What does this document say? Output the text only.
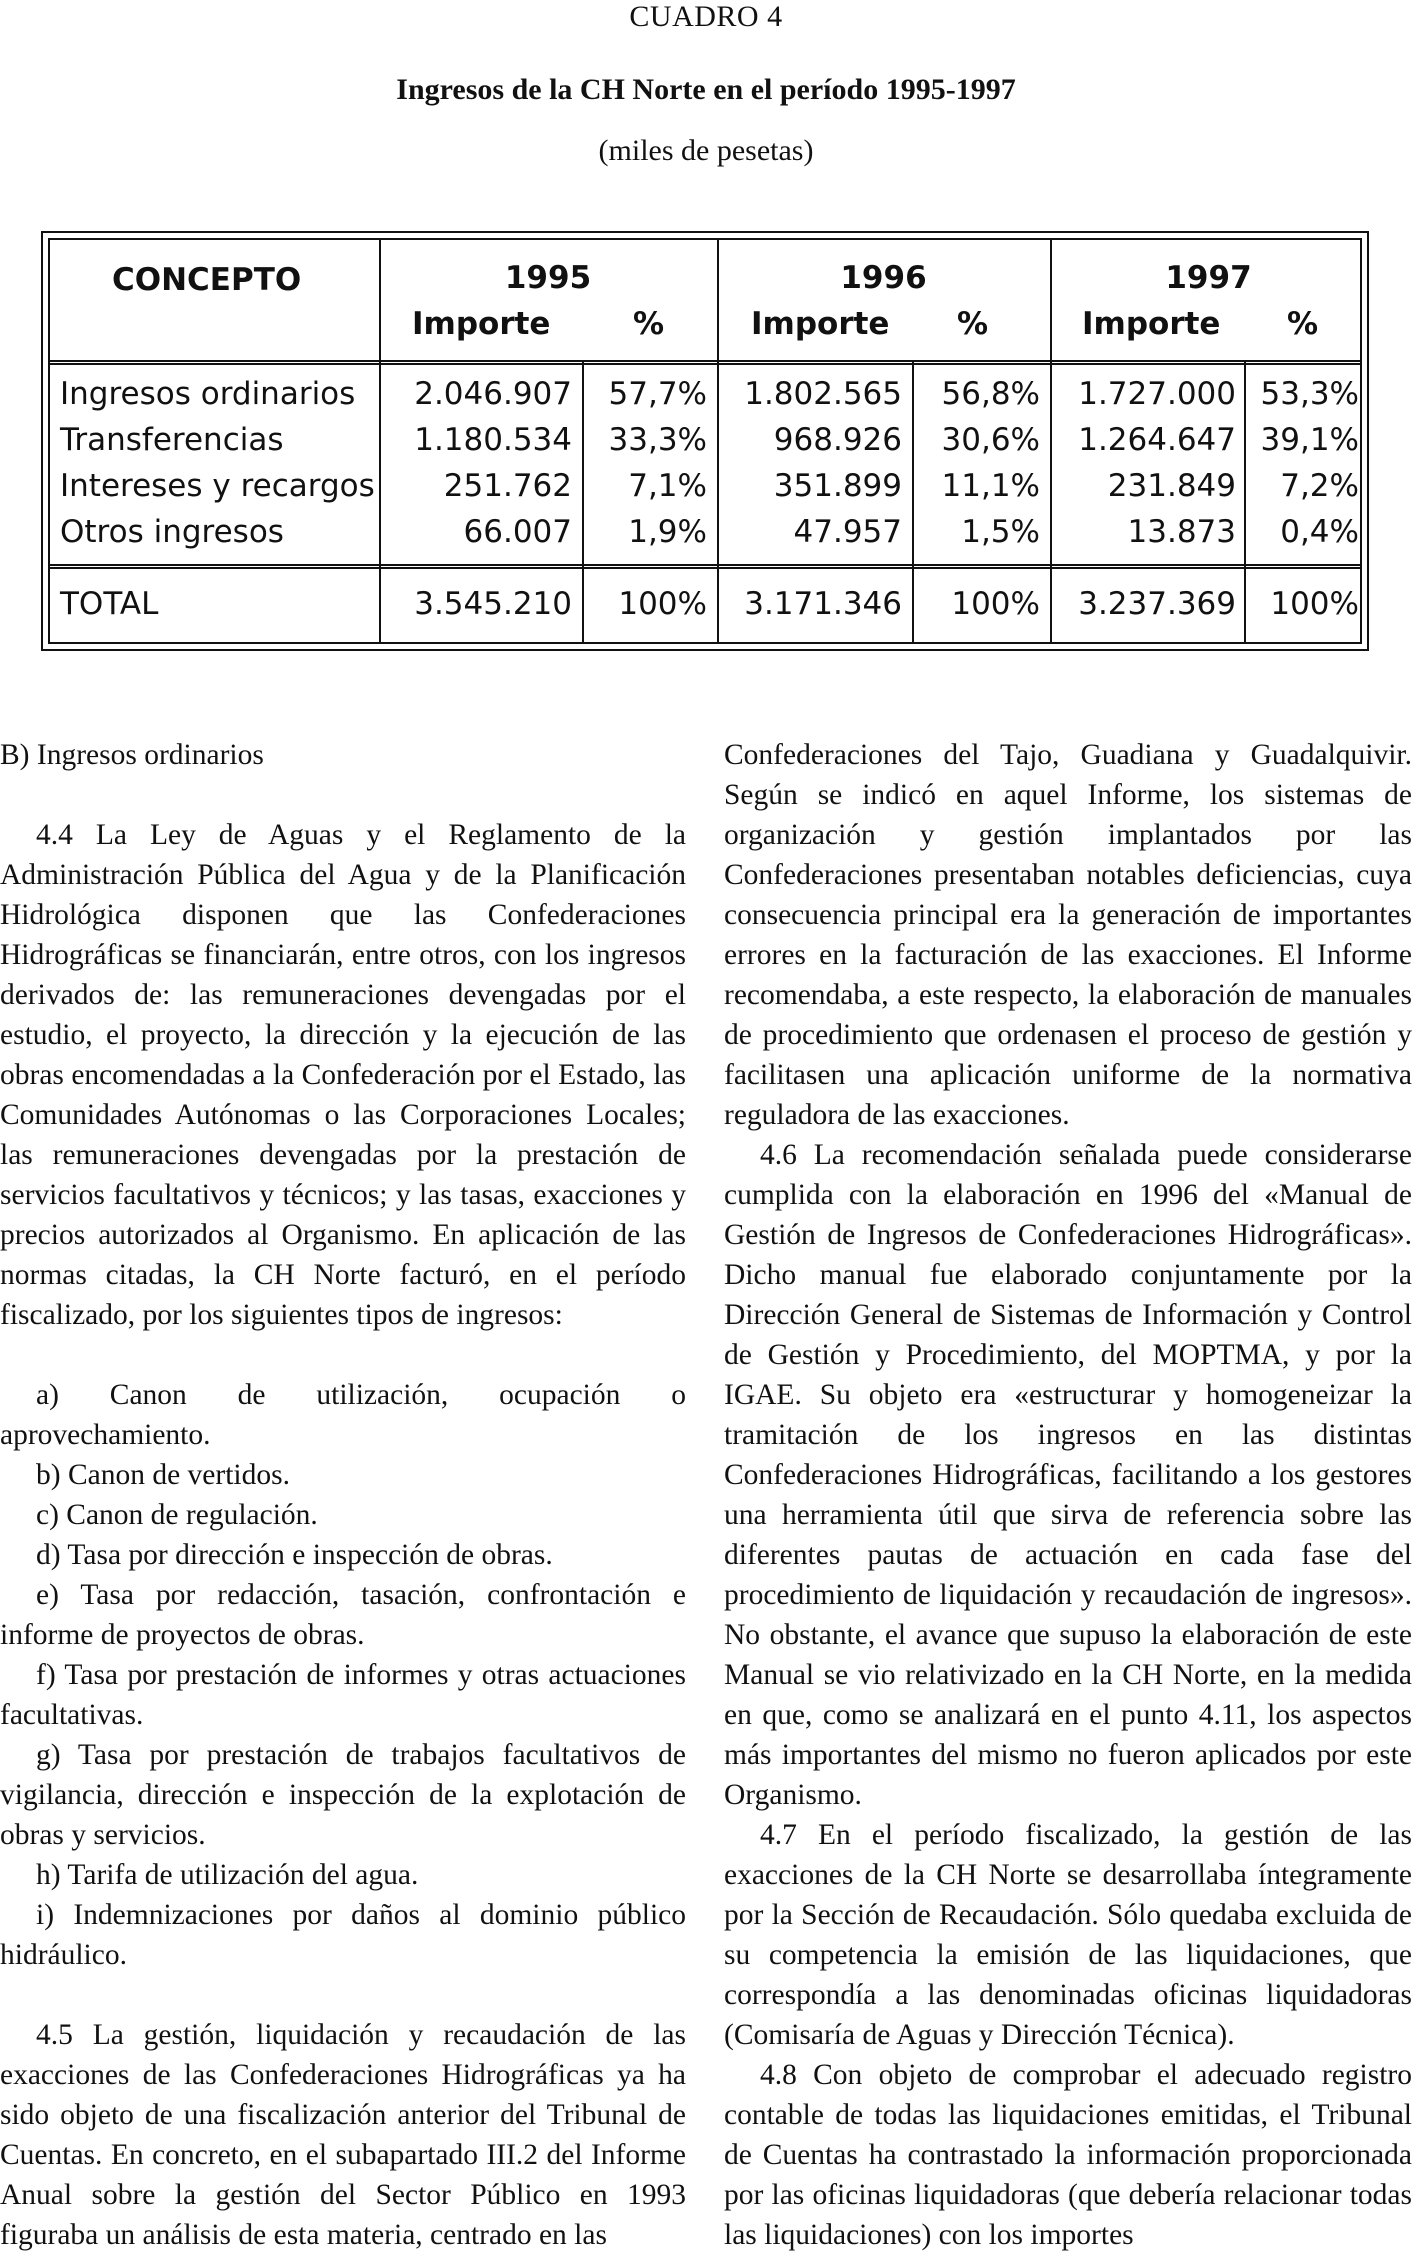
CUADRO 4
Ingresos de la CH Norte en el período 1995-1997
(miles de pesetas)
CONCEPTO	1995	1996	1997
Importe	%	Importe %	Importe %
Ingresos ordinarios	2.046.907	57,7%	1.802.565	56,8%	1.727.000 53,3%
Transferencias	1.180.534	33,3%	968.926	30,6%	1.264.647 39,1%
Intereses y recargos	251.762	7,1%	351.899	11,1%	231.849	7,2%
Otros ingresos	66.007	1,9%	47.957	1,5%	13.873	0,4%
TOTAL	3.545.210	100%	3.171.346	100%	3.237.369	100%

B) Ingresos ordinarios

4.4 La Ley de Aguas y el Reglamento de la Administración Pública del Agua y de la Planificación Hidrológica disponen que las Confederaciones Hidrográficas se financiarán, entre otros, con los ingresos derivados de: las remuneraciones devengadas por el estudio, el proyecto, la dirección y la ejecución de las obras encomendadas a la Confederación por el Estado, las Comunidades Autónomas o las Corporaciones Locales; las remuneraciones devengadas por la prestación de servicios facultativos y técnicos; y las tasas, exacciones y precios autorizados al Organismo. En aplicación de las normas citadas, la CH Norte facturó, en el período fiscalizado, por los siguientes tipos de ingresos:

a) Canon de utilización, ocupación o aprovechamiento.

b) Canon de vertidos.

c) Canon de regulación.

d) Tasa por dirección e inspección de obras.

e) Tasa por redacción, tasación, confrontación e informe de proyectos de obras.

f) Tasa por prestación de informes y otras actuaciones facultativas.

g) Tasa por prestación de trabajos facultativos de vigilancia, dirección e inspección de la explotación de obras y servicios.

h) Tarifa de utilización del agua.

i) Indemnizaciones por daños al dominio público hidráulico.

4.5 La gestión, liquidación y recaudación de las exacciones de las Confederaciones Hidrográficas ya ha sido objeto de una fiscalización anterior del Tribunal de Cuentas. En concreto, en el subapartado III.2 del Informe Anual sobre la gestión del Sector Público en 1993 figuraba un análisis de esta materia, centrado en las

Confederaciones del Tajo, Guadiana y Guadalquivir. Según se indicó en aquel Informe, los sistemas de organización y gestión implantados por las Confederaciones presentaban notables deficiencias, cuya consecuencia principal era la generación de importantes errores en la facturación de las exacciones. El Informe recomendaba, a este respecto, la elaboración de manuales de procedimiento que ordenasen el proceso de gestión y facilitasen una aplicación uniforme de la normativa reguladora de las exacciones.

4.6 La recomendación señalada puede considerarse cumplida con la elaboración en 1996 del «Manual de Gestión de Ingresos de Confederaciones Hidrográficas». Dicho manual fue elaborado conjuntamente por la Dirección General de Sistemas de Información y Control de Gestión y Procedimiento, del MOPTMA, y por la IGAE. Su objeto era «estructurar y homogeneizar la tramitación de los ingresos en las distintas Confederaciones Hidrográficas, facilitando a los gestores una herramienta útil que sirva de referencia sobre las diferentes pautas de actuación en cada fase del procedimiento de liquidación y recaudación de ingresos». No obstante, el avance que supuso la elaboración de este Manual se vio relativizado en la CH Norte, en la medida en que, como se analizará en el punto 4.11, los aspectos más importantes del mismo no fueron aplicados por este Organismo.

4.7 En el período fiscalizado, la gestión de las exacciones de la CH Norte se desarrollaba íntegramente por la Sección de Recaudación. Sólo quedaba excluida de su competencia la emisión de las liquidaciones, que correspondía a las denominadas oficinas liquidadoras (Comisaría de Aguas y Dirección Técnica).

4.8 Con objeto de comprobar el adecuado registro contable de todas las liquidaciones emitidas, el Tribunal de Cuentas ha contrastado la información proporcionada por las oficinas liquidadoras (que debería relacionar todas las liquidaciones) con los importes
